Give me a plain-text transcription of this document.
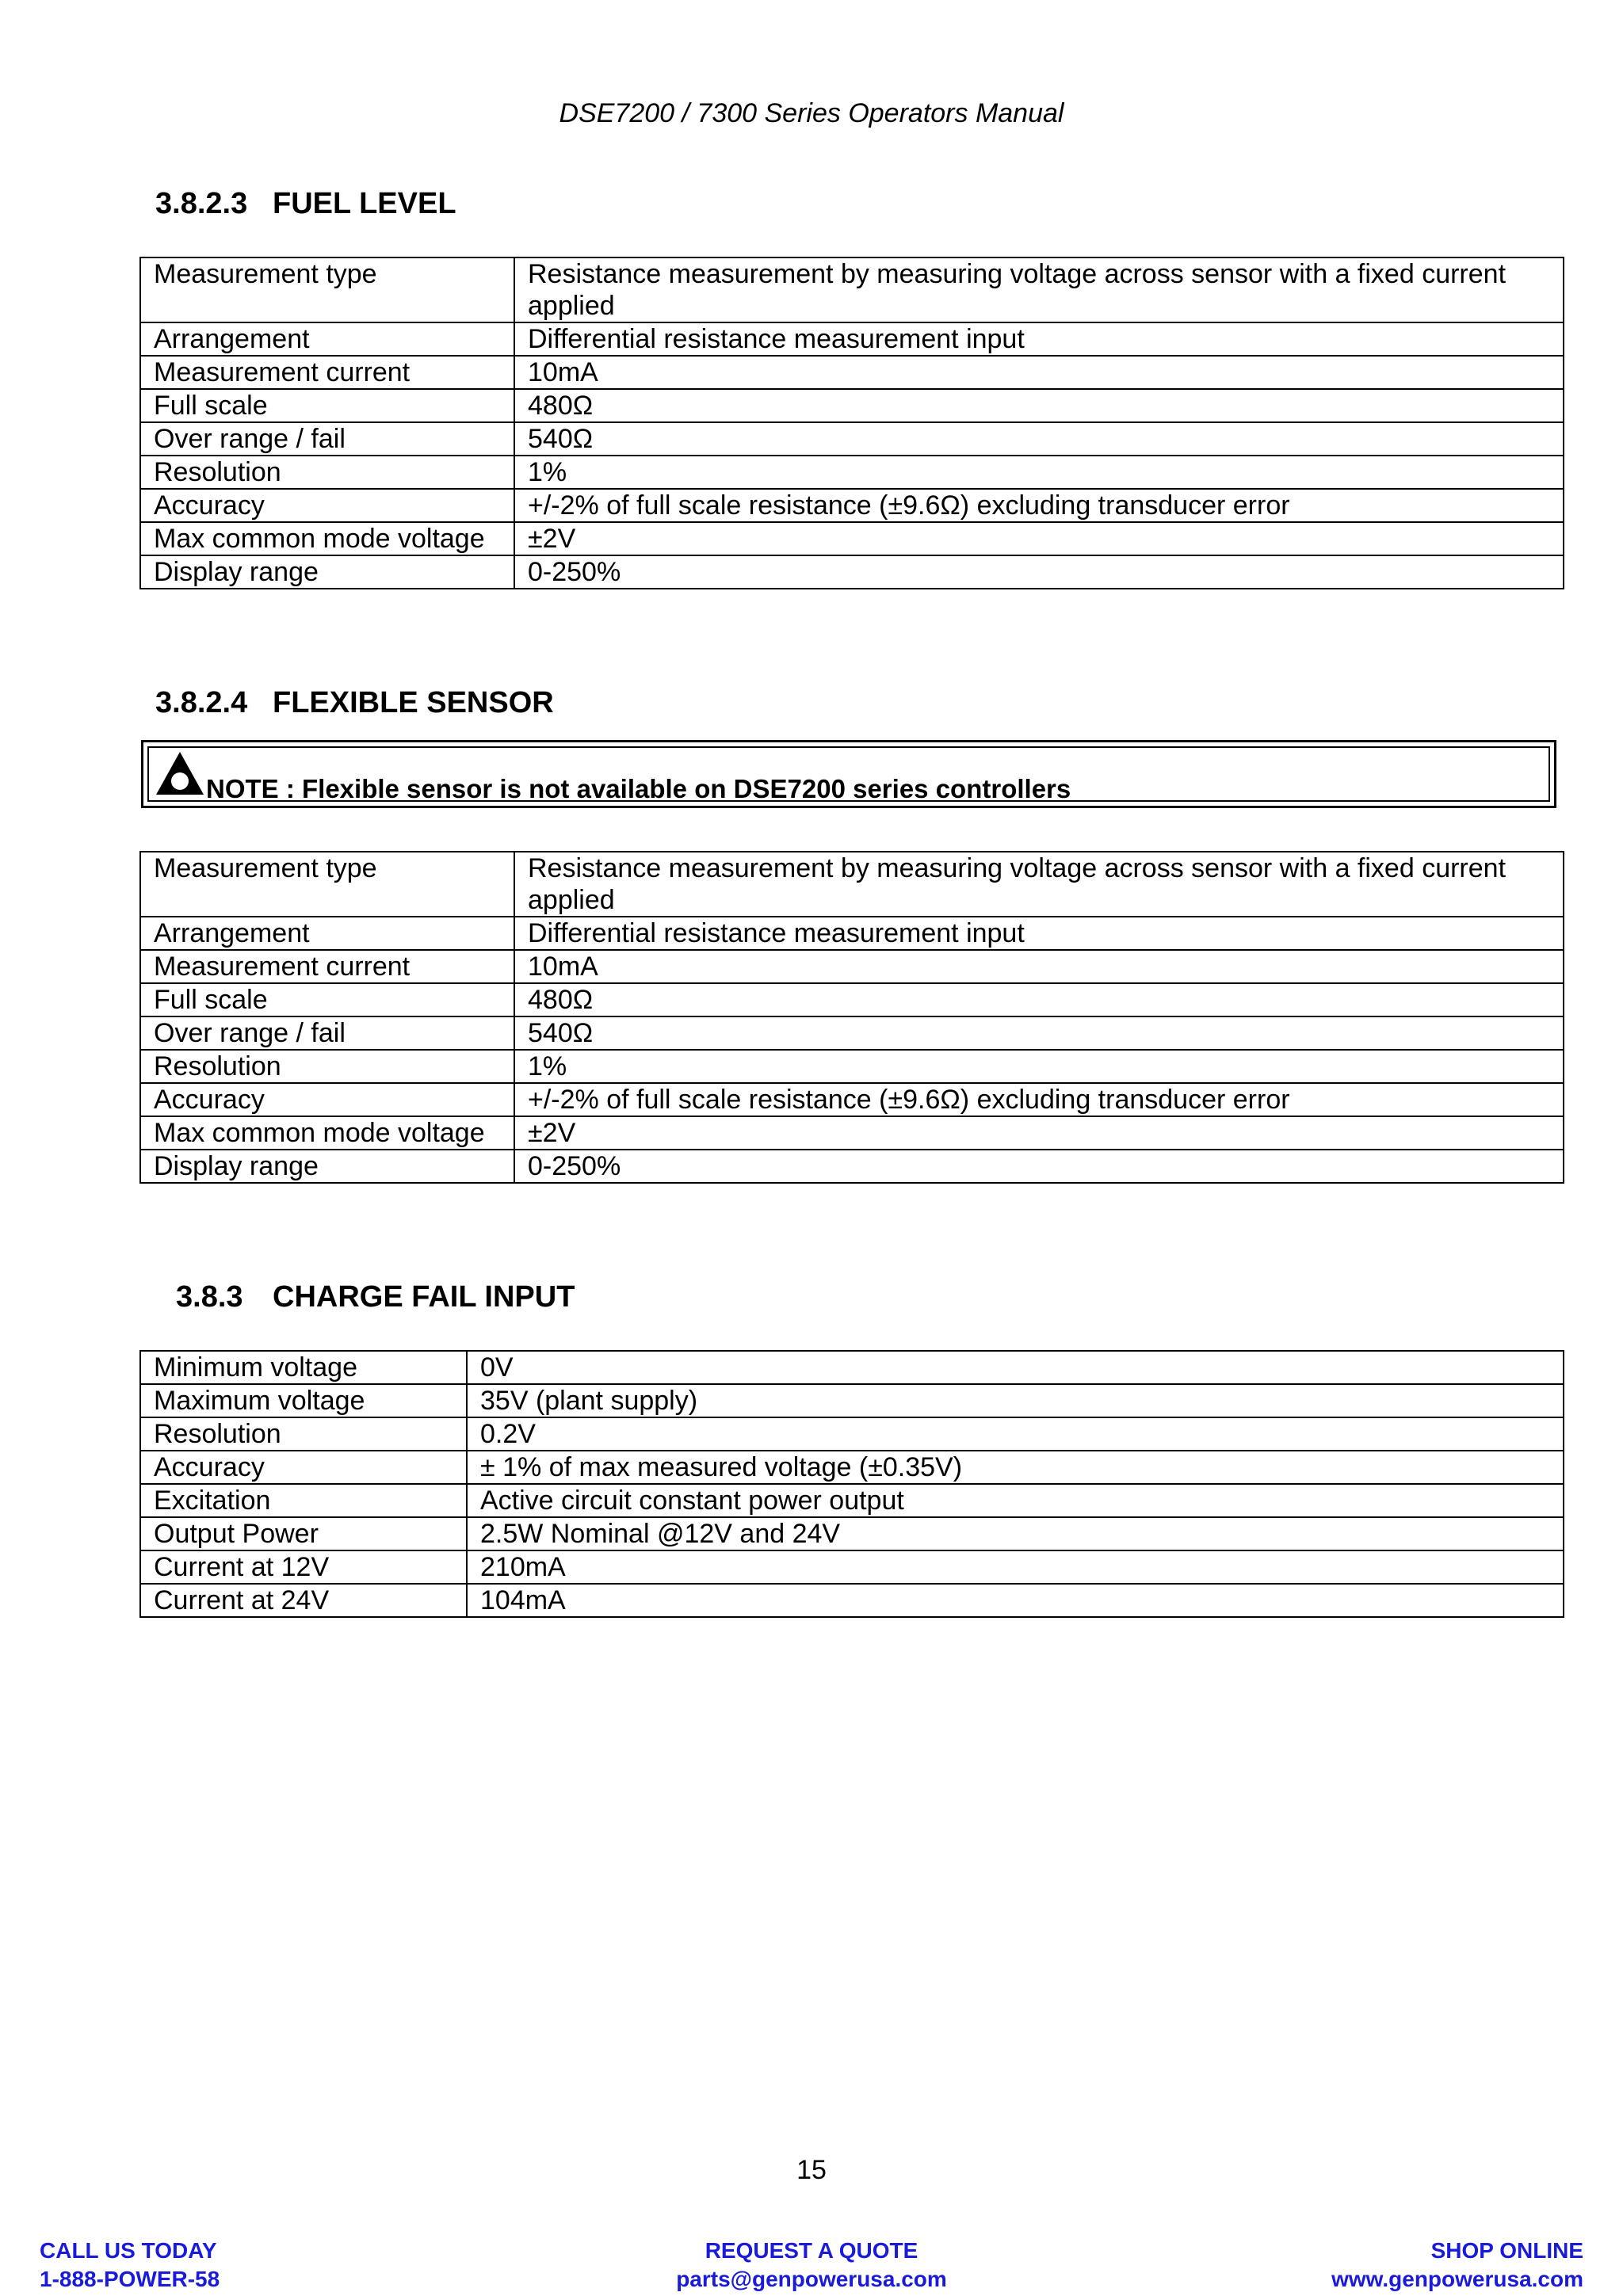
DSE7200 / 7300 Series Operators Manual
3.8.2.3 FUEL LEVEL
Measurement type	Resistance measurement by measuring voltage across sensor with a fixed current applied
Arrangement	Differential resistance measurement input
Measurement current	10mA
Full scale	480Ω
Over range / fail	540Ω
Resolution	1%
Accuracy	+/-2% of full scale resistance (±9.6Ω) excluding transducer error
Max common mode voltage	±2V
Display range	0-250%
3.8.2.4 FLEXIBLE SENSOR
NOTE : Flexible sensor is not available on DSE7200 series controllers
Measurement type	Resistance measurement by measuring voltage across sensor with a fixed current applied
Arrangement	Differential resistance measurement input
Measurement current	10mA
Full scale	480Ω
Over range / fail	540Ω
Resolution	1%
Accuracy	+/-2% of full scale resistance (±9.6Ω) excluding transducer error
Max common mode voltage	±2V
Display range	0-250%
3.8.3 CHARGE FAIL INPUT
Minimum voltage	0V
Maximum voltage	35V (plant supply)
Resolution	0.2V
Accuracy	± 1% of max measured voltage (±0.35V)
Excitation	Active circuit constant power output
Output Power	2.5W Nominal @12V and 24V
Current at 12V	210mA
Current at 24V	104mA
15
CALL US TODAY
1-888-POWER-58
REQUEST A QUOTE
parts@genpowerusa.com
SHOP ONLINE
www.genpowerusa.com
